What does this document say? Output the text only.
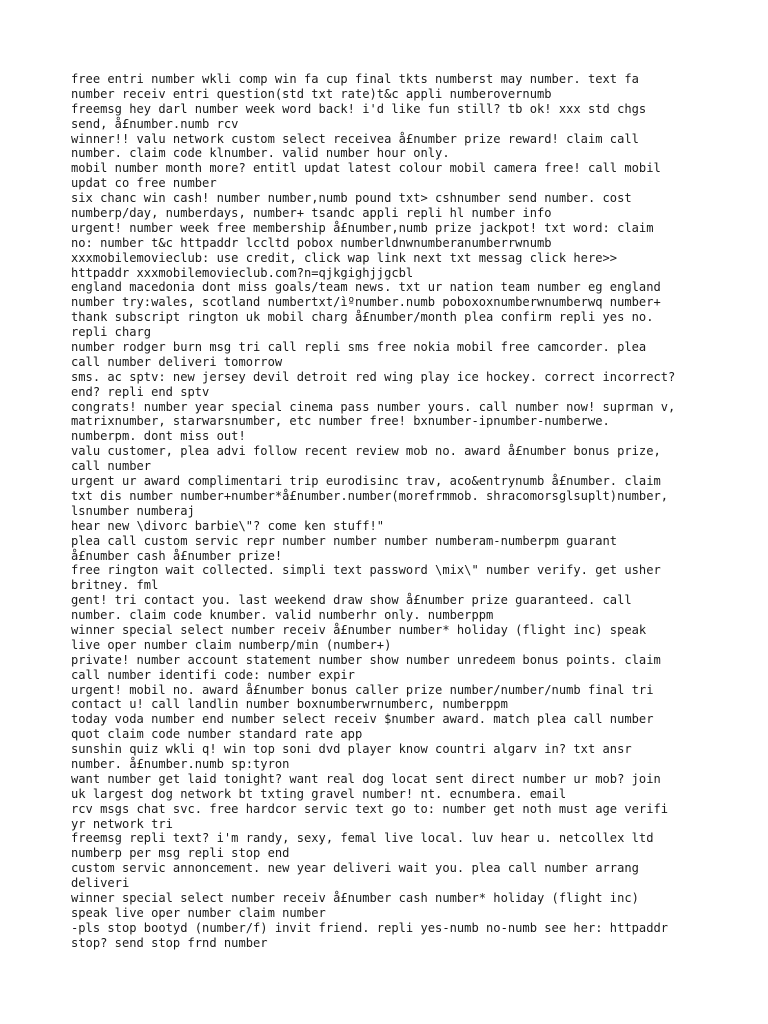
free entri number wkli comp win fa cup final tkts numberst may number. text fa
number receiv entri question(std txt rate)t&c appli numberovernumb
freemsg hey darl number week word back! i'd like fun still? tb ok! xxx std chgs
send, å£number.numb rcv
winner!! valu network custom select receivea å£number prize reward! claim call
number. claim code klnumber. valid number hour only.
mobil number month more? entitl updat latest colour mobil camera free! call mobil
updat co free number
six chanc win cash! number number,numb pound txt> cshnumber send number. cost
numberp/day, numberdays, number+ tsandc appli repli hl number info
urgent! number week free membership å£number,numb prize jackpot! txt word: claim
no: number t&c httpaddr lccltd pobox numberldnwnumberanumberrwnumb
xxxmobilemovieclub: use credit, click wap link next txt messag click here>>
httpaddr xxxmobilemovieclub.com?n=qjkgighjjgcbl
england macedonia dont miss goals/team news. txt ur nation team number eg england
number try:wales, scotland numbertxt/ìºnumber.numb poboxoxnumberwnumberwq number+
thank subscript rington uk mobil charg å£number/month plea confirm repli yes no.
repli charg
number rodger burn msg tri call repli sms free nokia mobil free camcorder. plea
call number deliveri tomorrow
sms. ac sptv: new jersey devil detroit red wing play ice hockey. correct incorrect?
end? repli end sptv
congrats! number year special cinema pass number yours. call number now! suprman v,
matrixnumber, starwarsnumber, etc number free! bxnumber-ipnumber-numberwe.
numberpm. dont miss out!
valu customer, plea advi follow recent review mob no. award å£number bonus prize,
call number
urgent ur award complimentari trip eurodisinc trav, aco&entrynumb å£number. claim
txt dis number number+number*å£number.number(morefrmmob. shracomorsglsuplt)number,
lsnumber numberaj
hear new \divorc barbie\"? come ken stuff!"
plea call custom servic repr number number number numberam-numberpm guarant
å£number cash å£number prize!
free rington wait collected. simpli text password \mix\" number verify. get usher
britney. fml
gent! tri contact you. last weekend draw show å£number prize guaranteed. call
number. claim code knumber. valid numberhr only. numberppm
winner special select number receiv å£number number* holiday (flight inc) speak
live oper number claim numberp/min (number+)
private! number account statement number show number unredeem bonus points. claim
call number identifi code: number expir
urgent! mobil no. award å£number bonus caller prize number/number/numb final tri
contact u! call landlin number boxnumberwrnumberc, numberppm
today voda number end number select receiv $number award. match plea call number
quot claim code number standard rate app
sunshin quiz wkli q! win top soni dvd player know countri algarv in? txt ansr
number. å£number.numb sp:tyron
want number get laid tonight? want real dog locat sent direct number ur mob? join
uk largest dog network bt txting gravel number! nt. ecnumbera. email
rcv msgs chat svc. free hardcor servic text go to: number get noth must age verifi
yr network tri
freemsg repli text? i'm randy, sexy, femal live local. luv hear u. netcollex ltd
numberp per msg repli stop end
custom servic annoncement. new year deliveri wait you. plea call number arrang
deliveri
winner special select number receiv å£number cash number* holiday (flight inc)
speak live oper number claim number
-pls stop bootyd (number/f) invit friend. repli yes-numb no-numb see her: httpaddr
stop? send stop frnd number
